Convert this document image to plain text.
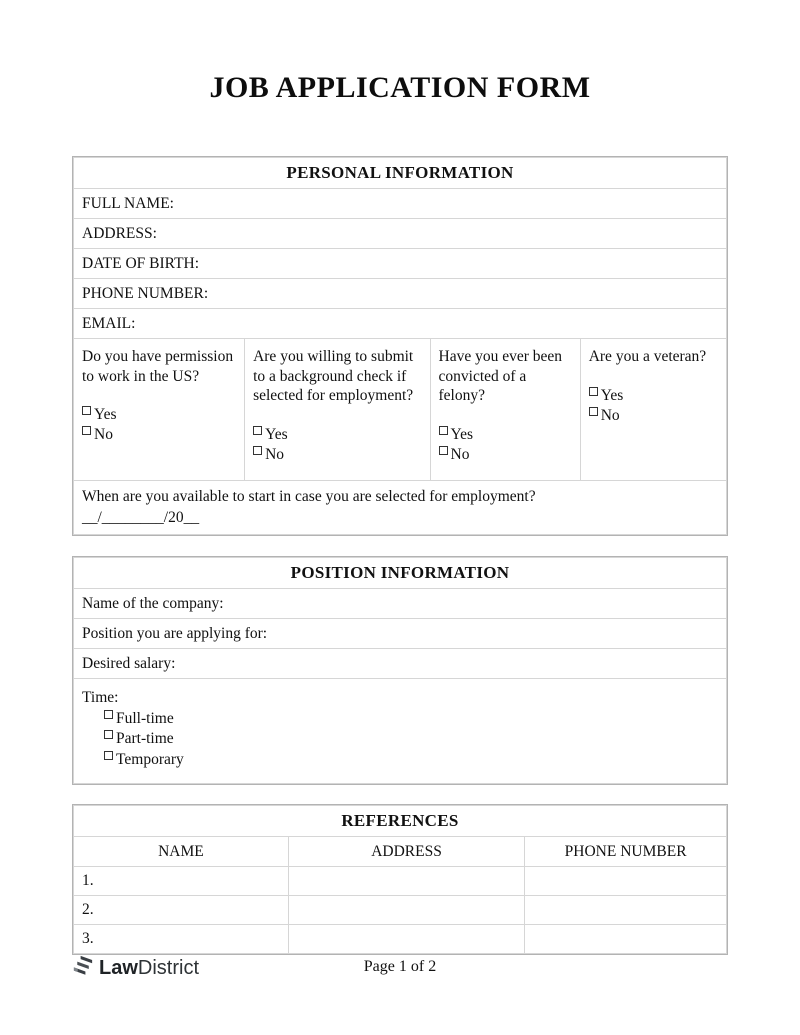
JOB APPLICATION FORM
PERSONAL INFORMATION
FULL NAME:
ADDRESS:
DATE OF BIRTH:
PHONE NUMBER:
EMAIL:

Do you have permission to work in the US?
Yes
No

Are you willing to submit to a background check if selected for employment?
Yes
No

Have you ever been convicted of a felony?
Yes
No

Are you a veteran?
Yes
No

When are you available to start in case you are selected for employment?
__/________/20__
POSITION INFORMATION
Name of the company:
Position you are applying for:
Desired salary:

Time:
Full-time
Part-time
Temporary
REFERENCES		
NAME	ADDRESS	PHONE NUMBER
1.		
2.		
3.		
Law District	Page 1 of 2
